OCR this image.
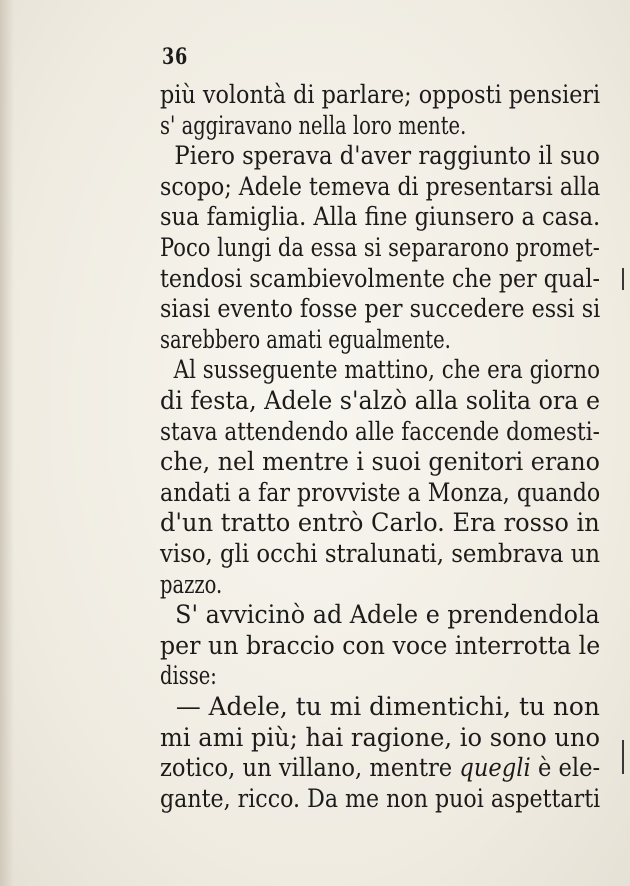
36
più volontà di parlare; opposti pensieri
s' aggiravano nella loro mente.
Piero sperava d'aver raggiunto il suo
scopo; Adele temeva di presentarsi alla
sua famiglia. Alla fine giunsero a casa.
Poco lungi da essa si separarono promet-
tendosi scambievolmente che per qual-
siasi evento fosse per succedere essi si
sarebbero amati egualmente.
Al susseguente mattino, che era giorno
di festa, Adele s'alzò alla solita ora e
stava attendendo alle faccende domesti-
che, nel mentre i suoi genitori erano
andati a far provviste a Monza, quando
d'un tratto entrò Carlo. Era rosso in
viso, gli occhi stralunati, sembrava un
pazzo.
S' avvicinò ad Adele e prendendola
per un braccio con voce interrotta le
disse:
— Adele, tu mi dimentichi, tu non
mi ami più; hai ragione, io sono uno
zotico, un villano, mentre quegli è ele-
gante, ricco. Da me non puoi aspettarti
